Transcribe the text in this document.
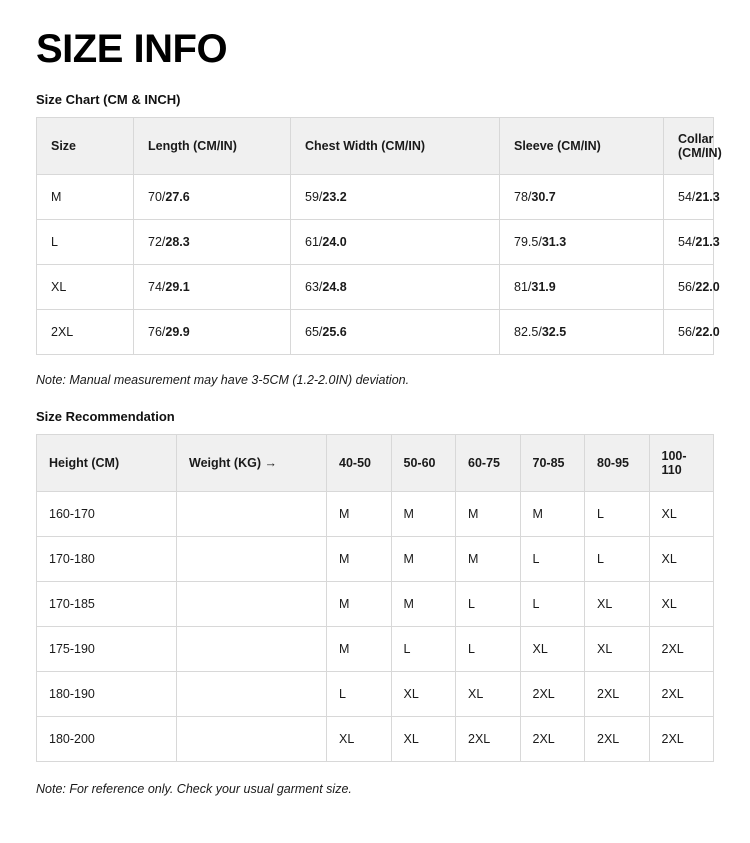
SIZE INFO
Size Chart (CM & INCH)
Size	Length (CM/IN)	Chest Width (CM/IN)	Sleeve (CM/IN)	Collar (CM/IN)
M	70/27.6	59/23.2	78/30.7	54/21.3
L	72/28.3	61/24.0	79.5/31.3	54/21.3
XL	74/29.1	63/24.8	81/31.9	56/22.0
2XL	76/29.9	65/25.6	82.5/32.5	56/22.0
Note: Manual measurement may have 3-5CM (1.2-2.0IN) deviation.
Size Recommendation
Height (CM)	Weight (KG) →	40-50	50-60	60-75	70-85	80-95	100-110
160-170		M	M	M	M	L	XL
170-180		M	M	M	L	L	XL
170-185		M	M	L	L	XL	XL
175-190		M	L	L	XL	XL	2XL
180-190		L	XL	XL	2XL	2XL	2XL
180-200		XL	XL	2XL	2XL	2XL	2XL
Note: For reference only. Check your usual garment size.
